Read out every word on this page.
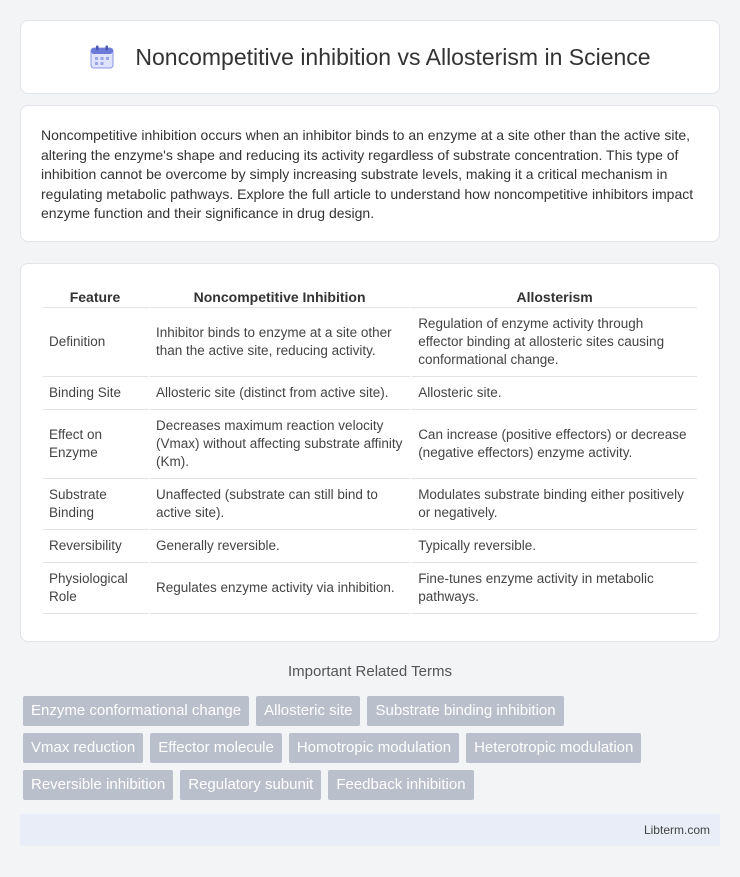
Noncompetitive inhibition vs Allosterism in Science

Noncompetitive inhibition occurs when an inhibitor binds to an enzyme at a site other than the active site, altering the enzyme's shape and reducing its activity regardless of substrate concentration. This type of inhibition cannot be overcome by simply increasing substrate levels, making it a critical mechanism in regulating metabolic pathways. Explore the full article to understand how noncompetitive inhibitors impact enzyme function and their significance in drug design.

Feature	Noncompetitive Inhibition	Allosterism
Definition	Inhibitor binds to enzyme at a site other than the active site, reducing activity.	Regulation of enzyme activity through effector binding at allosteric sites causing conformational change.
Binding Site	Allosteric site (distinct from active site).	Allosteric site.
Effect on Enzyme	Decreases maximum reaction velocity (Vmax) without affecting substrate affinity (Km).	Can increase (positive effectors) or decrease (negative effectors) enzyme activity.
Substrate Binding	Unaffected (substrate can still bind to active site).	Modulates substrate binding either positively or negatively.
Reversibility	Generally reversible.	Typically reversible.
Physiological Role	Regulates enzyme activity via inhibition.	Fine-tunes enzyme activity in metabolic pathways.
Important Related Terms
Enzyme conformational change	Allosteric site	Substrate binding inhibition
Vmax reduction	Effector molecule	Homotropic modulation	Heterotropic modulation
Reversible inhibition	Regulatory subunit	Feedback inhibition
Libterm.com
